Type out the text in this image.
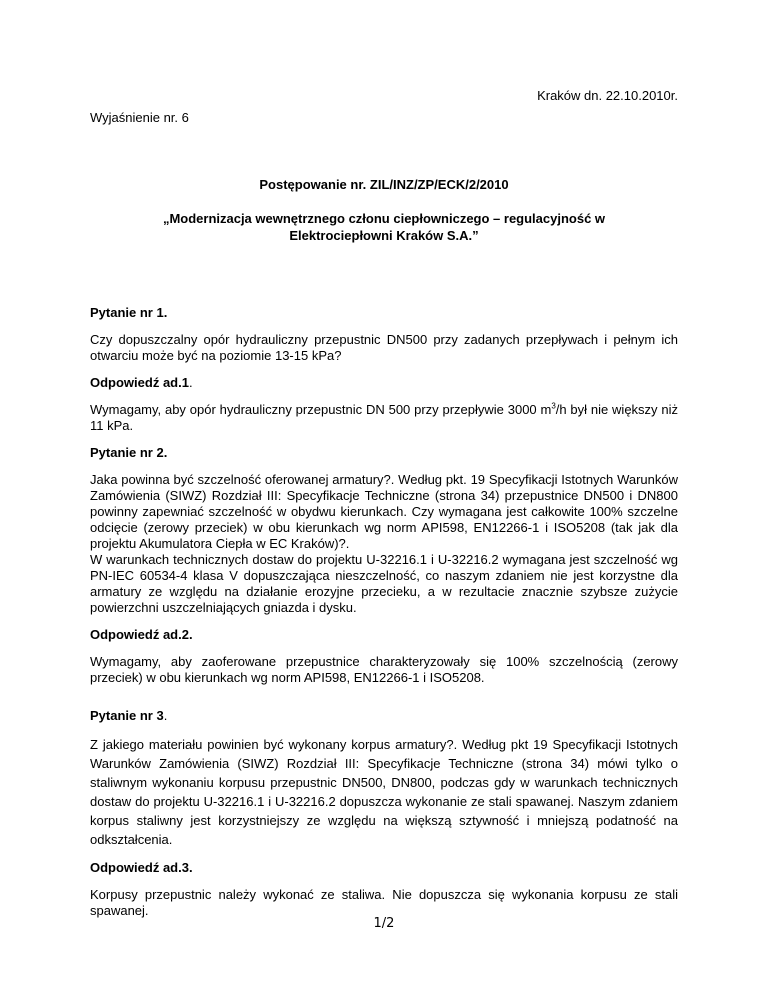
Kraków dn. 22.10.2010r.
Wyjaśnienie nr. 6
Postępowanie nr. ZIL/INZ/ZP/ECK/2/2010
„Modernizacja wewnętrznego członu ciepłowniczego – regulacyjność w Elektrociepłowni Kraków S.A.”
Pytanie nr 1.
Czy dopuszczalny opór hydrauliczny przepustnic DN500 przy zadanych przepływach i pełnym ich otwarciu może być na poziomie 13-15 kPa?
Odpowiedź ad.1.
Wymagamy, aby opór hydrauliczny przepustnic DN 500 przy przepływie 3000 $m^3/h$ był nie większy niż 11 kPa.
Pytanie nr 2.
Jaka powinna być szczelność oferowanej armatury?. Według pkt. 19 Specyfikacji Istotnych Warunków Zamówienia (SIWZ) Rozdział III: Specyfikacje Techniczne (strona 34) przepustnice DN500 i DN800 powinny zapewniać szczelność w obydwu kierunkach. Czy wymagana jest całkowite 100% szczelne odcięcie (zerowy przeciek) w obu kierunkach wg norm API598, EN12266-1 i ISO5208 (tak jak dla projektu Akumulatora Ciepła w EC Kraków)?.
W warunkach technicznych dostaw do projektu U-32216.1 i U-32216.2 wymagana jest szczelność wg PN-IEC 60534-4 klasa V dopuszczająca nieszczelność, co naszym zdaniem nie jest korzystne dla armatury ze względu na działanie erozyjne przecieku, a w rezultacie znacznie szybsze zużycie powierzchni uszczelniających gniazda i dysku.
Odpowiedź ad.2.
Wymagamy, aby zaoferowane przepustnice charakteryzowały się 100% szczelnością (zerowy przeciek) w obu kierunkach wg norm API598, EN12266-1 i ISO5208.
Pytanie nr 3.
Z jakiego materiału powinien być wykonany korpus armatury?. Według pkt 19 Specyfikacji Istotnych Warunków Zamówienia (SIWZ) Rozdział III: Specyfikacje Techniczne (strona 34) mówi tylko o staliwnym wykonaniu korpusu przepustnic DN500, DN800, podczas gdy w warunkach technicznych dostaw do projektu U-32216.1 i U-32216.2 dopuszcza wykonanie ze stali spawanej. Naszym zdaniem korpus staliwny jest korzystniejszy ze względu na większą sztywność i mniejszą podatność na odkształcenia.
Odpowiedź ad.3.
Korpusy przepustnic należy wykonać ze staliwa. Nie dopuszcza się wykonania korpusu ze stali spawanej.
1/2
